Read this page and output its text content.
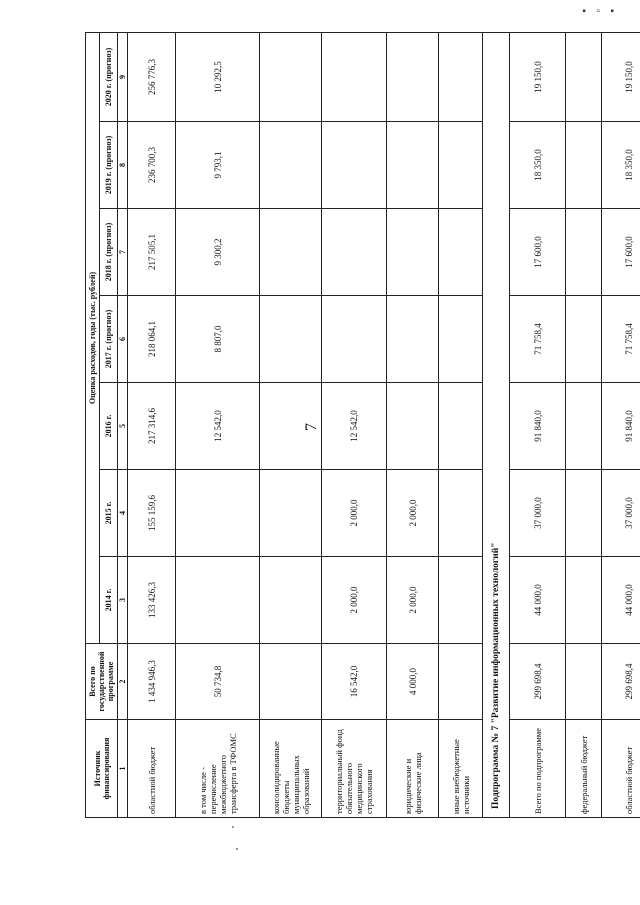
▪ ▫ ▪
7
Источник финансирования	Всего по государственной программе	Оценка расходов, годы (тыс. рублей)						
		2014 г.	2015 г.	2016 г.	2017 г. (прогноз)	2018 г. (прогноз)	2019 г. (прогноз)	2020 г. (прогноз)
1	2	3	4	5	6	7	8	9
областной бюджет	1 434 946,3	133 426,3	155 159,6	217 314,6	218 064,1	217 505,1	236 700,3	256 776,3
в том числе - перечисление межбюджетного трансферта в ТФОМС	50 734,8			12 542,0	8 807,0	9 300,2	9 793,1	10 292,5
консолидированные бюджеты муниципальных образований								
территориальный фонд обязательного медицинского страхования	16 542,0	2 000,0	2 000,0	12 542,0				
юридические и физические лица	4 000,0	2 000,0	2 000,0					
иные внебюджетные источники								
Подпрограмма № 7 "Развитие информационных технологий"								
Всего по подпрограмме	299 698,4	44 000,0	37 000,0	91 840,0	71 758,4	17 600,0	18 350,0	19 150,0
федеральный бюджет								
областной бюджет	299 698,4	44 000,0	37 000,0	91 840,0	71 758,4	17 600,0	18 350,0	19 150,0
